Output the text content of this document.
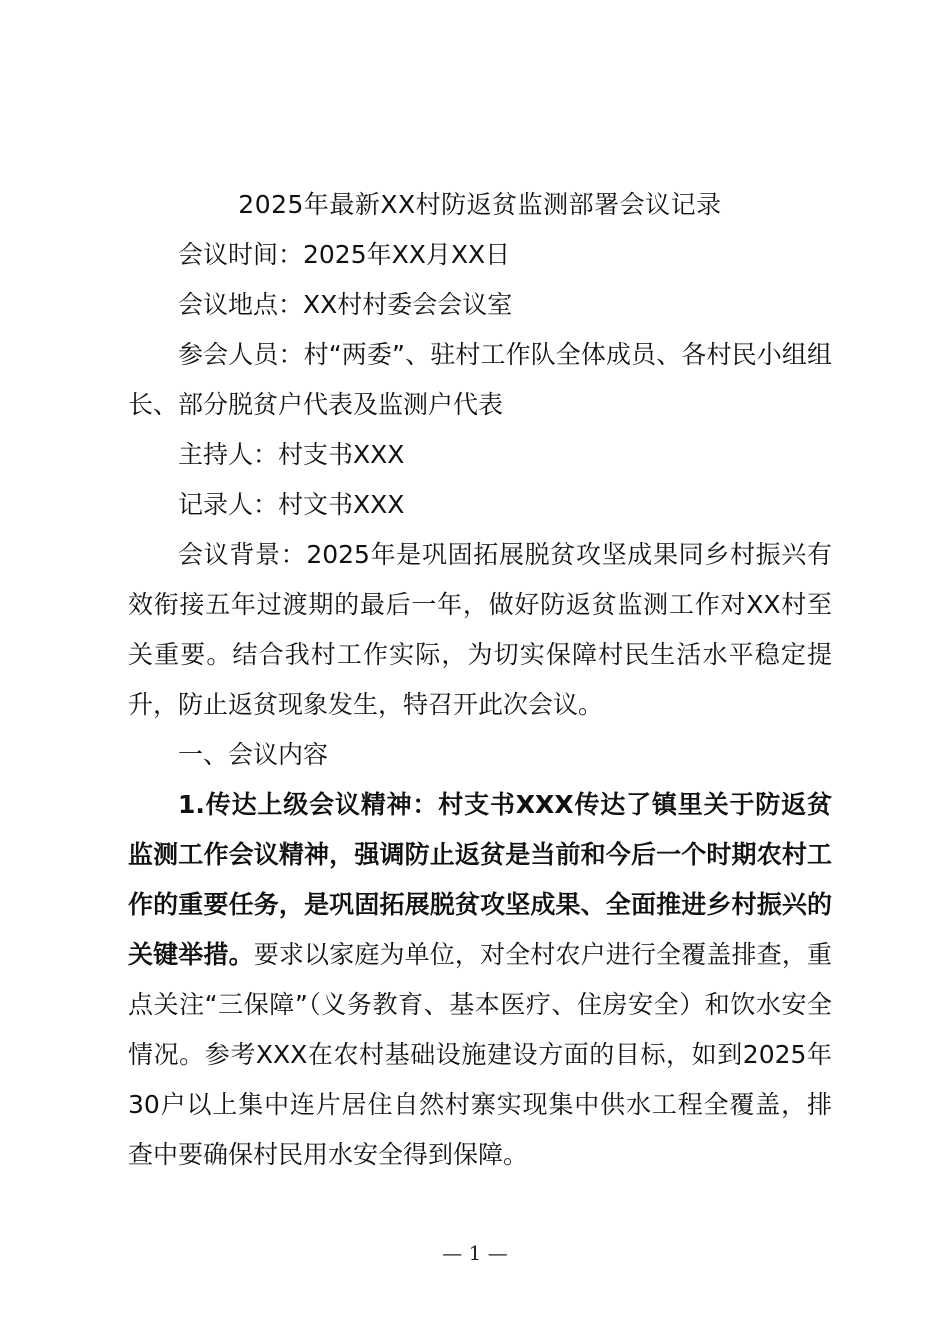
2025年最新XX村防返贫监测部署会议记录

会议时间：2025年XX月XX日

会议地点：XX村村委会会议室

参会人员：村“两委”、驻村工作队全体成员、各村民小组组长、部分脱贫户代表及监测户代表

主持人：村支书XXX

记录人：村文书XXX

会议背景：2025年是巩固拓展脱贫攻坚成果同乡村振兴有效衔接五年过渡期的最后一年，做好防返贫监测工作对XX村至关重要。结合我村工作实际，为切实保障村民生活水平稳定提升，防止返贫现象发生，特召开此次会议。

一、会议内容

1.传达上级会议精神：村支书XXX传达了镇里关于防返贫监测工作会议精神，强调防止返贫是当前和今后一个时期农村工作的重要任务，是巩固拓展脱贫攻坚成果、全面推进乡村振兴的关键举措。要求以家庭为单位，对全村农户进行全覆盖排查，重点关注“三保障”（义务教育、基本医疗、住房安全）和饮水安全情况。参考XXX在农村基础设施建设方面的目标，如到2025年30户以上集中连片居住自然村寨实现集中供水工程全覆盖，排查中要确保村民用水安全得到保障。

— 1 —
